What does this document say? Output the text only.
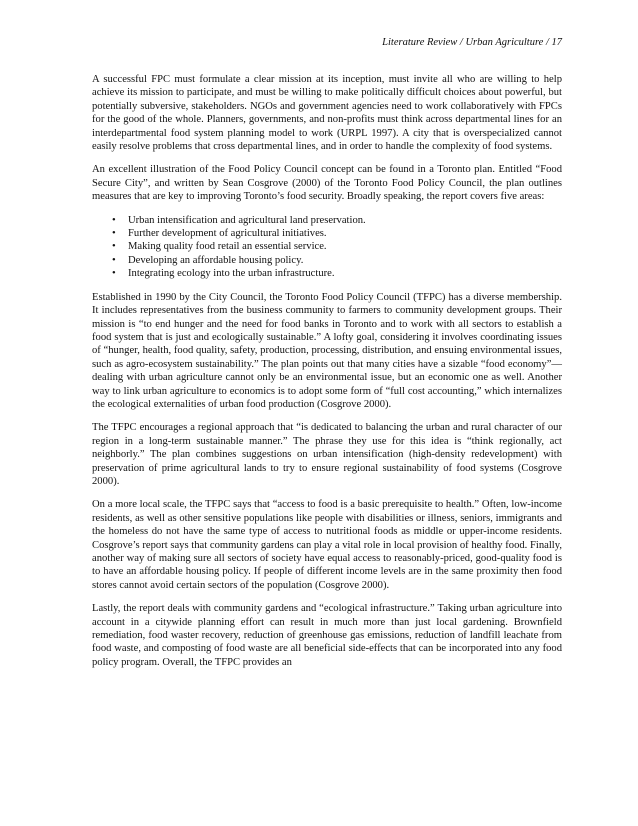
Literature Review / Urban Agriculture / 17

A successful FPC must formulate a clear mission at its inception, must invite all who are willing to help achieve its mission to participate, and must be willing to make politically difficult choices about powerful, but potentially subversive, stakeholders. NGOs and government agencies need to work collaboratively with FPCs for the good of the whole. Planners, governments, and non-profits must think across departmental lines for an interdepartmental food system planning model to work (URPL 1997). A city that is overspecialized cannot easily resolve problems that cross departmental lines, and in order to handle the complexity of food systems.

An excellent illustration of the Food Policy Council concept can be found in a Toronto plan. Entitled “Food Secure City”, and written by Sean Cosgrove (2000) of the Toronto Food Policy Council, the plan outlines measures that are key to improving Toronto’s food security. Broadly speaking, the report covers five areas:

• Urban intensification and agricultural land preservation.
• Further development of agricultural initiatives.
• Making quality food retail an essential service.
• Developing an affordable housing policy.
• Integrating ecology into the urban infrastructure.

Established in 1990 by the City Council, the Toronto Food Policy Council (TFPC) has a diverse membership. It includes representatives from the business community to farmers to community development groups. Their mission is “to end hunger and the need for food banks in Toronto and to work with all sectors to establish a food system that is just and ecologically sustainable.” A lofty goal, considering it involves coordinating issues of “hunger, health, food quality, safety, production, processing, distribution, and ensuing environmental issues, such as agro-ecosystem sustainability.” The plan points out that many cities have a sizable “food economy”—dealing with urban agriculture cannot only be an environmental issue, but an economic one as well. Another way to link urban agriculture to economics is to adopt some form of “full cost accounting,” which internalizes the ecological externalities of urban food production (Cosgrove 2000).

The TFPC encourages a regional approach that “is dedicated to balancing the urban and rural character of our region in a long-term sustainable manner.” The phrase they use for this idea is “think regionally, act neighborly.” The plan combines suggestions on urban intensification (high-density redevelopment) with preservation of prime agricultural lands to try to ensure regional sustainability of food systems (Cosgrove 2000).

On a more local scale, the TFPC says that “access to food is a basic prerequisite to health.” Often, low-income residents, as well as other sensitive populations like people with disabilities or illness, seniors, immigrants and the homeless do not have the same type of access to nutritional foods as middle or upper-income residents. Cosgrove’s report says that community gardens can play a vital role in local provision of healthy food. Finally, another way of making sure all sectors of society have equal access to reasonably-priced, good-quality food is to have an affordable housing policy. If people of different income levels are in the same proximity then food stores cannot avoid certain sectors of the population (Cosgrove 2000).

Lastly, the report deals with community gardens and “ecological infrastructure.” Taking urban agriculture into account in a citywide planning effort can result in much more than just local gardening. Brownfield remediation, food waster recovery, reduction of greenhouse gas emissions, reduction of landfill leachate from food waste, and composting of food waste are all beneficial side-effects that can be incorporated into any food policy program. Overall, the TFPC provides an
